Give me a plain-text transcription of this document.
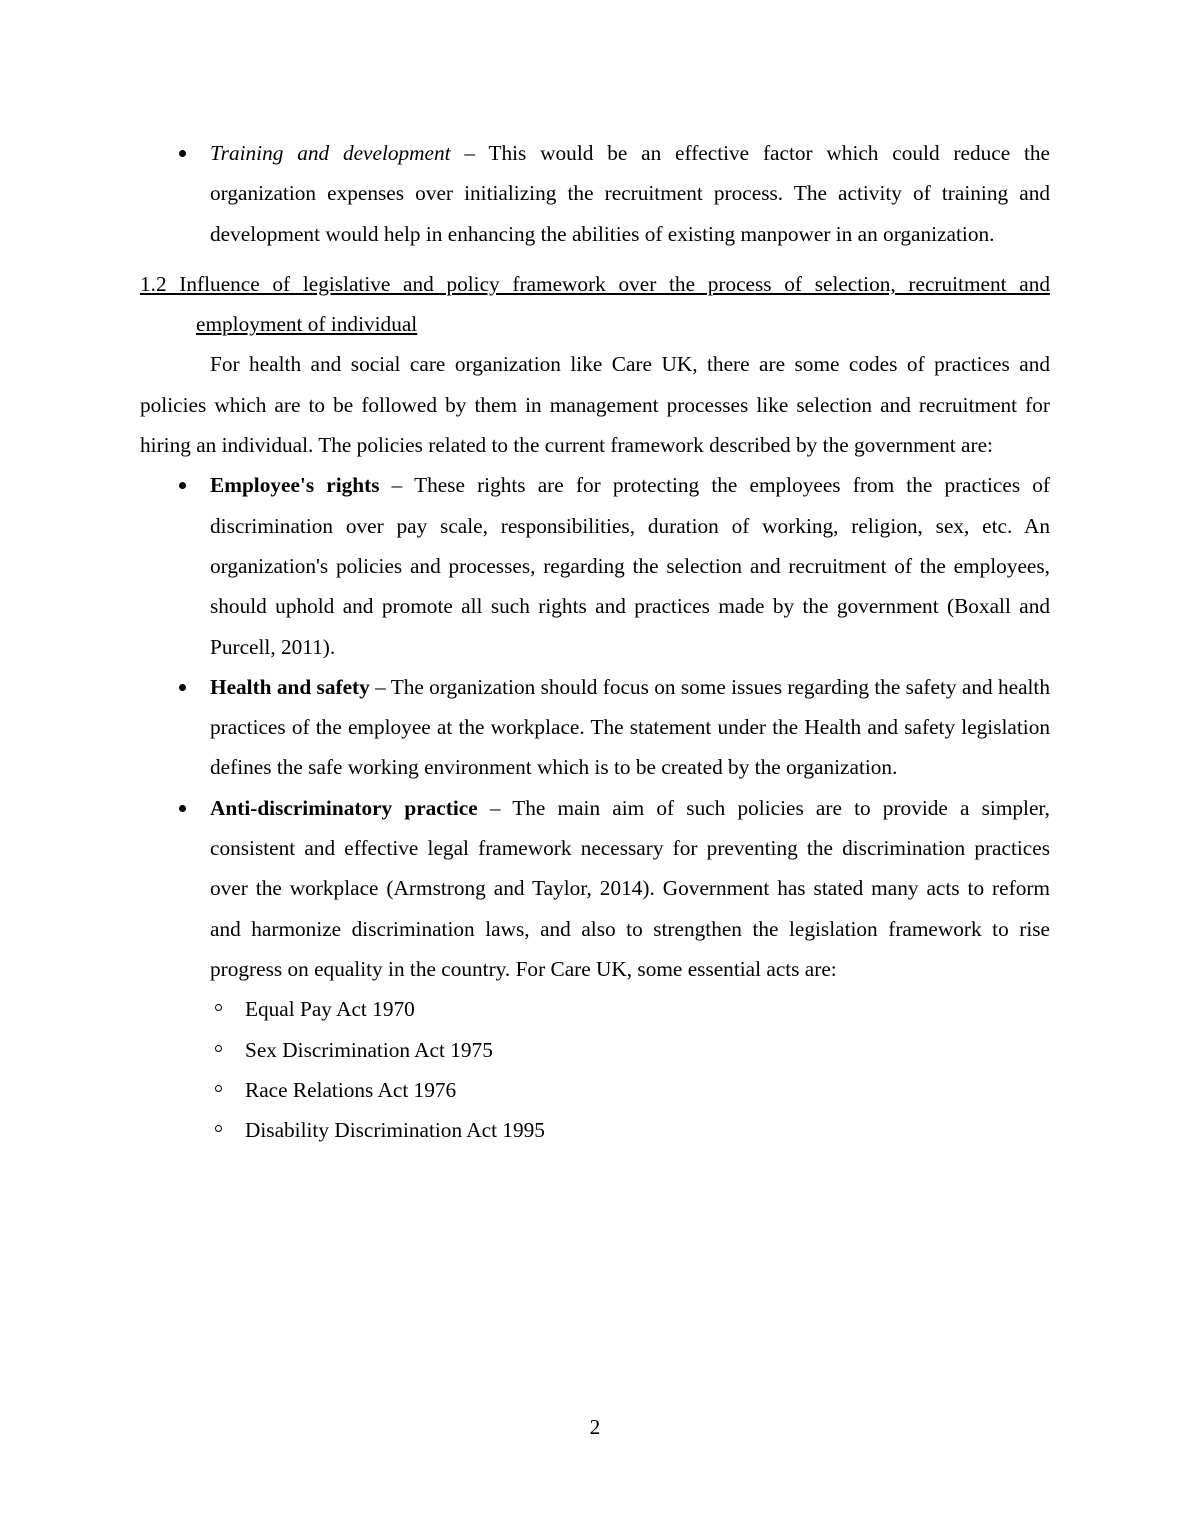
Training and development – This would be an effective factor which could reduce the organization expenses over initializing the recruitment process. The activity of training and development would help in enhancing the abilities of existing manpower in an organization.
1.2 Influence of legislative and policy framework over the process of selection, recruitment and employment of individual
For health and social care organization like Care UK, there are some codes of practices and policies which are to be followed by them in management processes like selection and recruitment for hiring an individual. The policies related to the current framework described by the government are:
Employee's rights – These rights are for protecting the employees from the practices of discrimination over pay scale, responsibilities, duration of working, religion, sex, etc. An organization's policies and processes, regarding the selection and recruitment of the employees, should uphold and promote all such rights and practices made by the government (Boxall and Purcell, 2011).
Health and safety – The organization should focus on some issues regarding the safety and health practices of the employee at the workplace. The statement under the Health and safety legislation defines the safe working environment which is to be created by the organization.
Anti-discriminatory practice – The main aim of such policies are to provide a simpler, consistent and effective legal framework necessary for preventing the discrimination practices over the workplace (Armstrong and Taylor, 2014). Government has stated many acts to reform and harmonize discrimination laws, and also to strengthen the legislation framework to rise progress on equality in the country. For Care UK, some essential acts are:
Equal Pay Act 1970
Sex Discrimination Act 1975
Race Relations Act 1976
Disability Discrimination Act 1995
2
